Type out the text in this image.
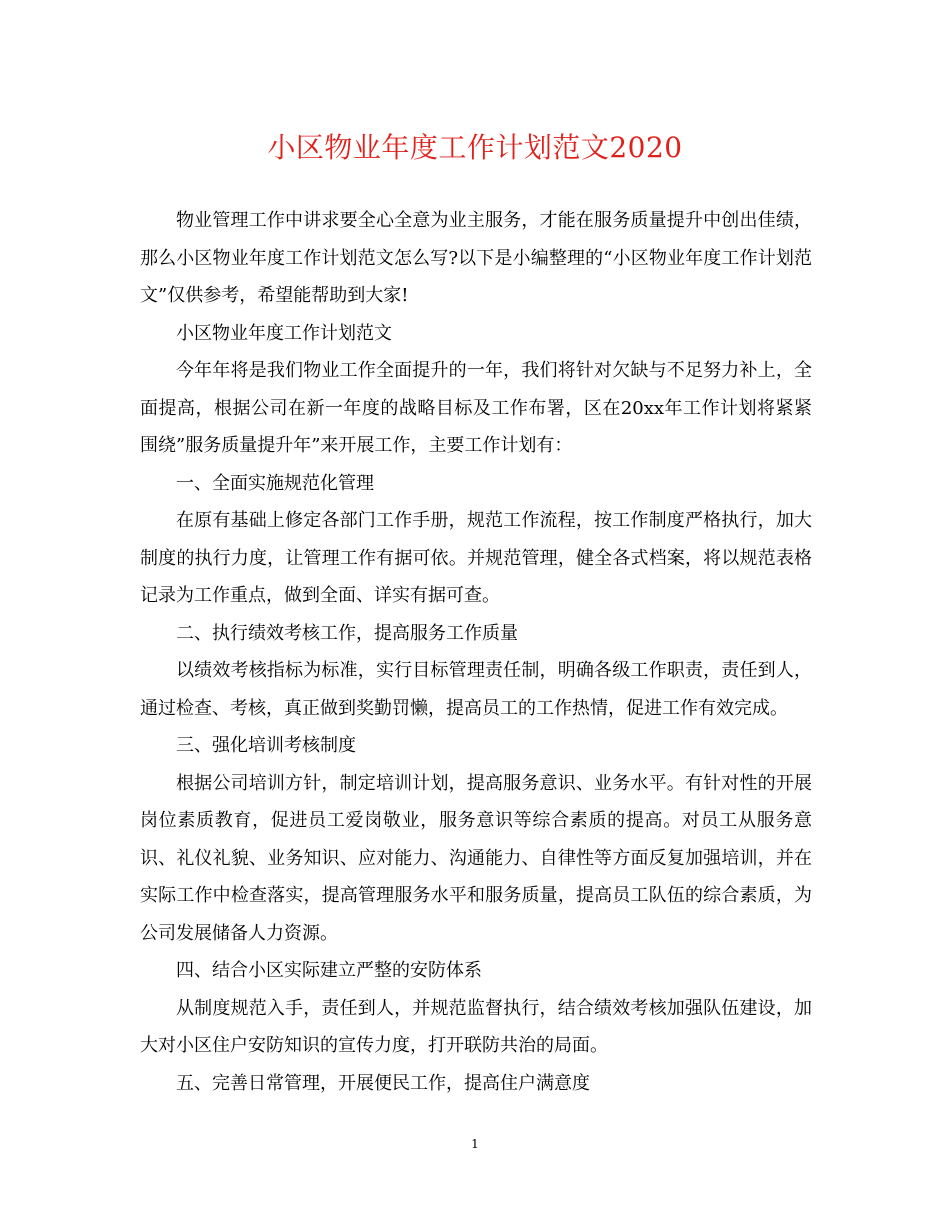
小区物业年度工作计划范文2020

物业管理工作中讲求要全心全意为业主服务，才能在服务质量提升中创出佳绩，那么小区物业年度工作计划范文怎么写?以下是小编整理的“小区物业年度工作计划范文”仅供参考，希望能帮助到大家!

小区物业年度工作计划范文

今年年将是我们物业工作全面提升的一年，我们将针对欠缺与不足努力补上，全面提高，根据公司在新一年度的战略目标及工作布署，区在20xx年工作计划将紧紧围绕”服务质量提升年”来开展工作，主要工作计划有：

一、全面实施规范化管理

在原有基础上修定各部门工作手册，规范工作流程，按工作制度严格执行，加大制度的执行力度，让管理工作有据可依。并规范管理，健全各式档案，将以规范表格记录为工作重点，做到全面、详实有据可查。

二、执行绩效考核工作，提高服务工作质量

以绩效考核指标为标准，实行目标管理责任制，明确各级工作职责，责任到人，通过检查、考核，真正做到奖勤罚懒，提高员工的工作热情，促进工作有效完成。

三、强化培训考核制度

根据公司培训方针，制定培训计划，提高服务意识、业务水平。有针对性的开展岗位素质教育，促进员工爱岗敬业，服务意识等综合素质的提高。对员工从服务意识、礼仪礼貌、业务知识、应对能力、沟通能力、自律性等方面反复加强培训，并在实际工作中检查落实，提高管理服务水平和服务质量，提高员工队伍的综合素质，为公司发展储备人力资源。

四、结合小区实际建立严整的安防体系

从制度规范入手，责任到人，并规范监督执行，结合绩效考核加强队伍建设，加大对小区住户安防知识的宣传力度，打开联防共治的局面。

五、完善日常管理，开展便民工作，提高住户满意度

1
